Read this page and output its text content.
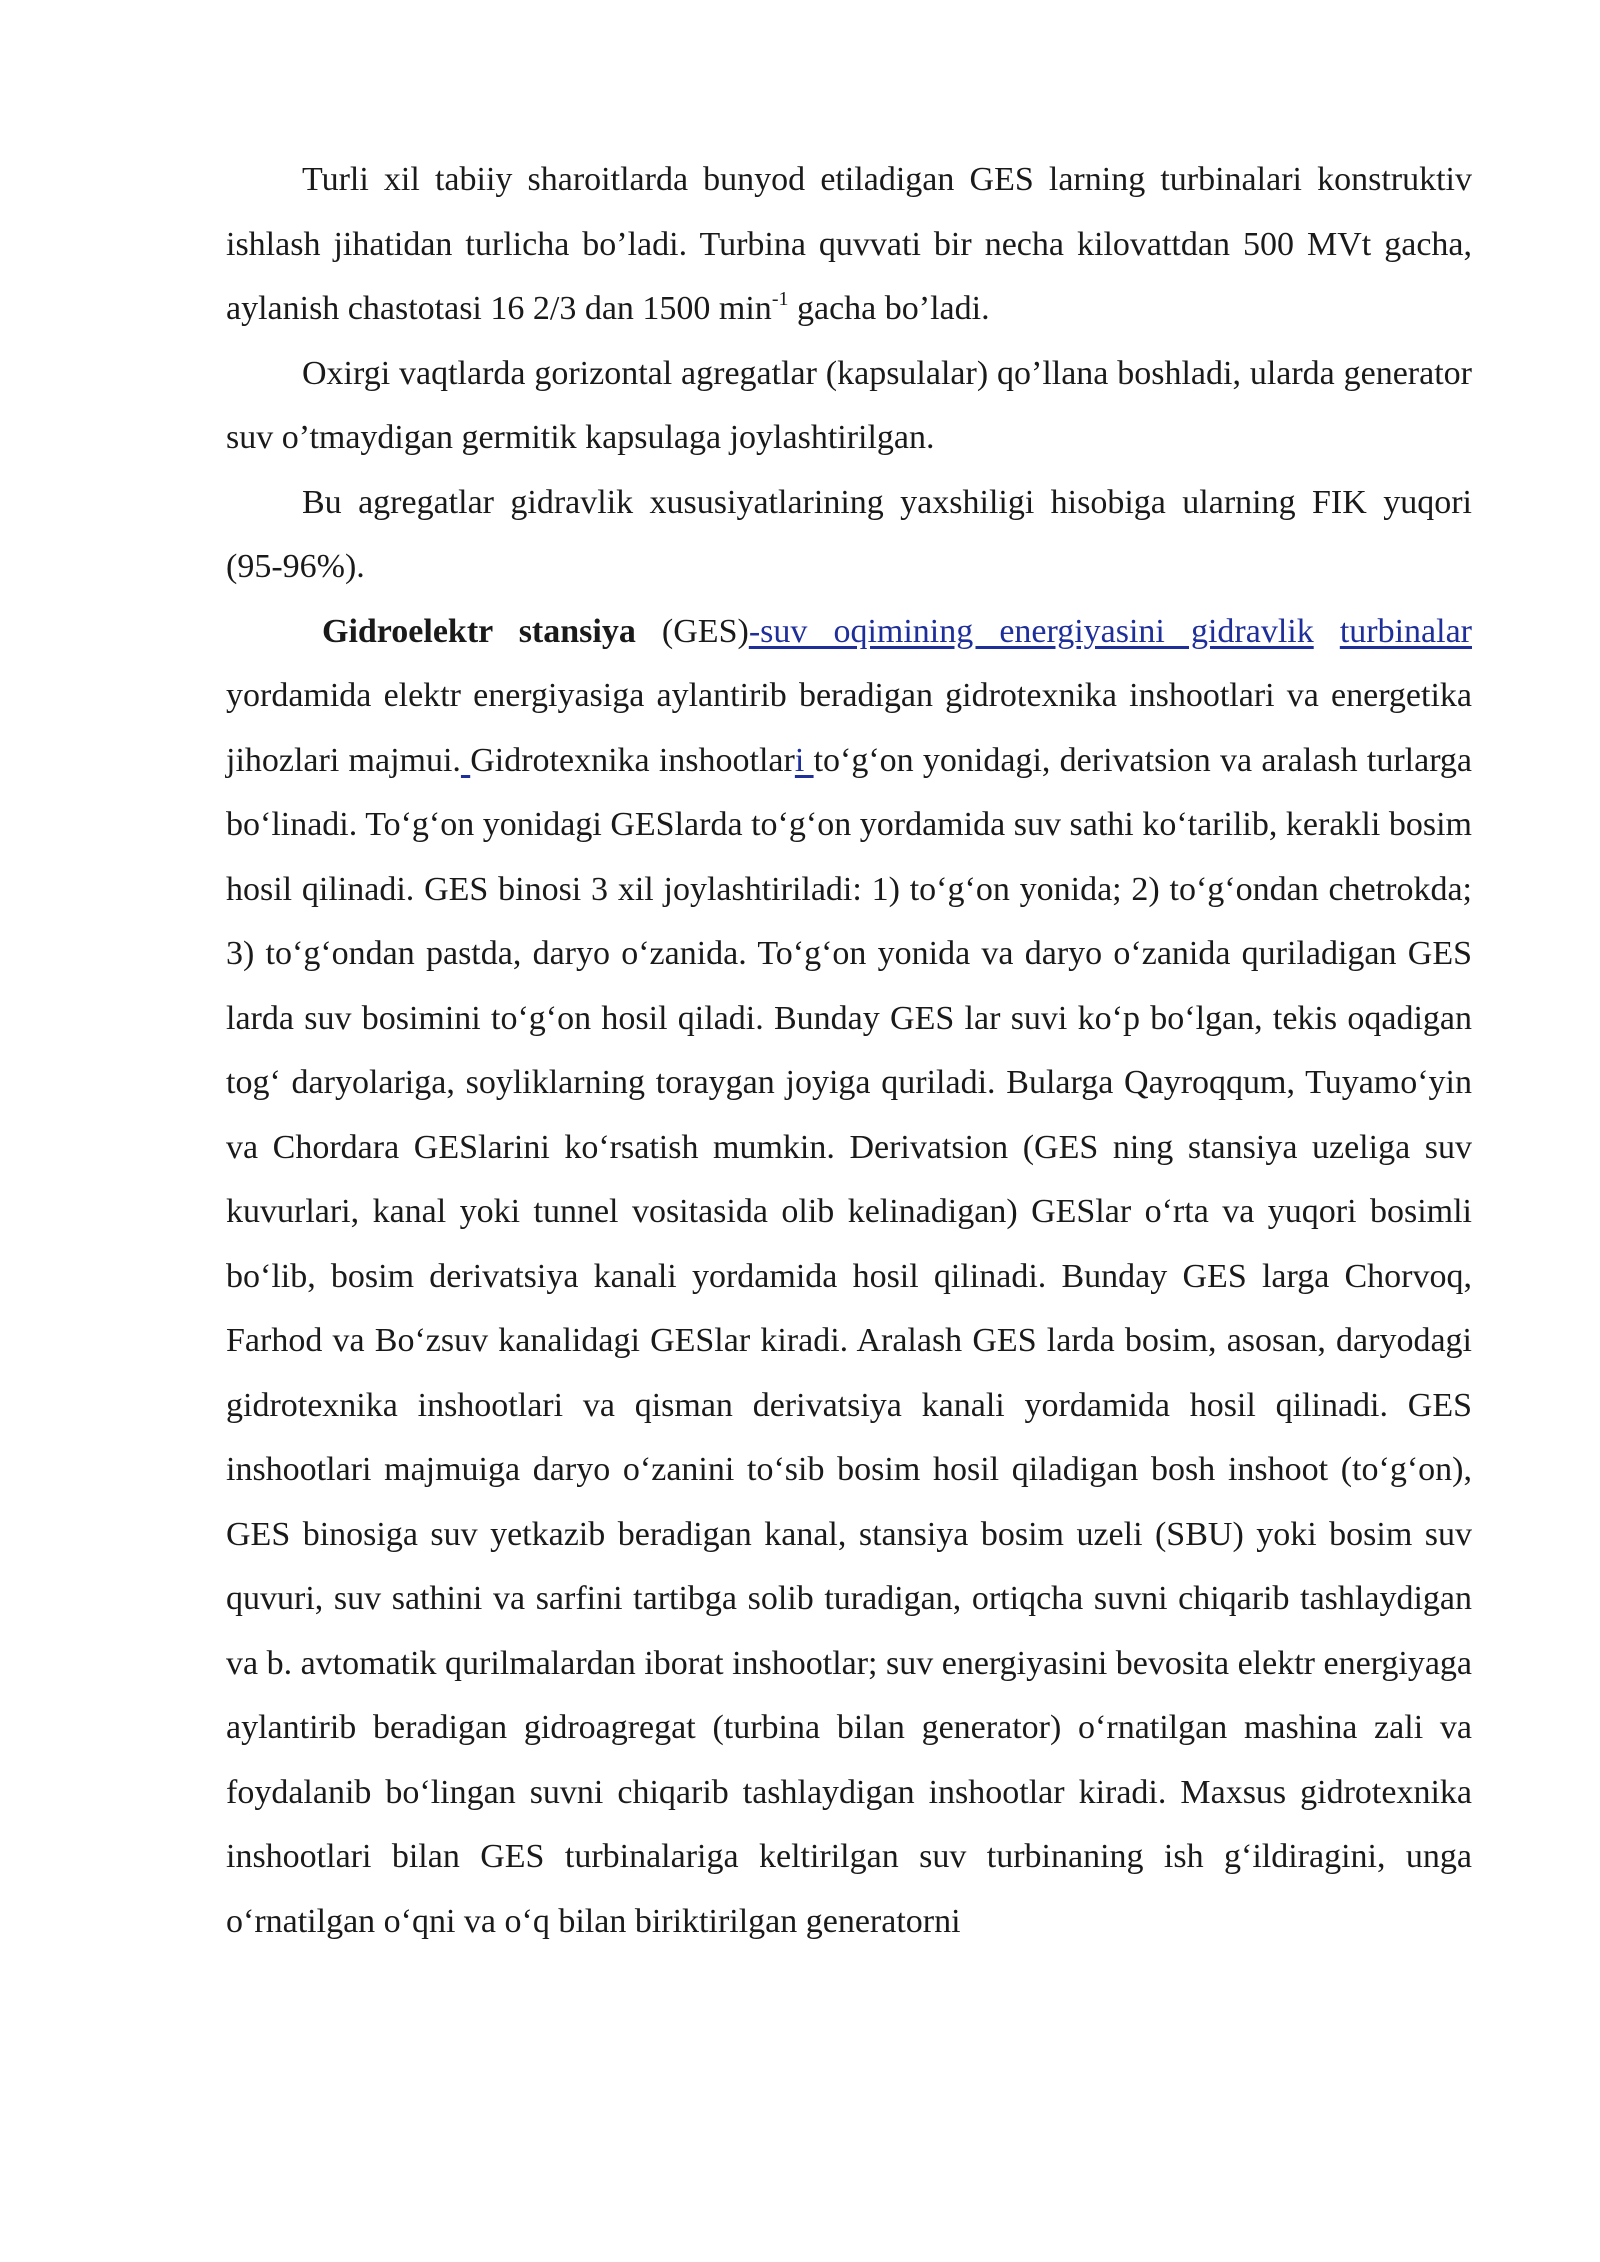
Turli xil tabiiy sharoitlarda bunyod etiladigan GES larning turbinalari konstruktiv ishlash jihatidan turlicha bo’ladi. Turbina quvvati bir necha kilovattdan 500 MVt gacha, aylanish chastotasi 16 2/3 dan 1500 $\min^{-1}$ gacha bo’ladi.

Oxirgi vaqtlarda gorizontal agregatlar (kapsulalar) qo’llana boshladi, ularda generator suv o’tmaydigan germitik kapsulaga joylashtirilgan.

Bu agregatlar gidravlik xususiyatlarining yaxshiligi hisobiga ularning FIK yuqori (95-96%).

Gidroelektr stansiya (GES)-suv oqimining energiyasini gidravlik turbinalar yordamida elektr energiyasiga aylantirib beradigan gidrotexnika inshootlari va energetika jihozlari majmui. Gidrotexnika inshootlari to‘g‘on yonidagi, derivatsion va aralash turlarga bo‘linadi. To‘g‘on yonidagi GESlarda to‘g‘on yordamida suv sathi ko‘tarilib, kerakli bosim hosil qilinadi. GES binosi 3 xil joylashtiriladi: 1) to‘g‘on yonida; 2) to‘g‘ondan chetrokda; 3) to‘g‘ondan pastda, daryo o‘zanida. To‘g‘on yonida va daryo o‘zanida quriladigan GES larda suv bosimini to‘g‘on hosil qiladi. Bunday GES lar suvi ko‘p bo‘lgan, tekis oqadigan tog‘ daryolariga, soyliklarning toraygan joyiga quriladi. Bularga Qayroqqum, Tuyamo‘yin va Chordara GESlarini ko‘rsatish mumkin. Derivatsion (GES ning stansiya uzeliga suv kuvurlari, kanal yoki tunnel vositasida olib kelinadigan) GESlar o‘rta va yuqori bosimli bo‘lib, bosim derivatsiya kanali yordamida hosil qilinadi. Bunday GES larga Chorvoq, Farhod va Bo‘zsuv kanalidagi GESlar kiradi. Aralash GES larda bosim, asosan, daryodagi gidrotexnika inshootlari va qisman derivatsiya kanali yordamida hosil qilinadi. GES inshootlari majmuiga daryo o‘zanini to‘sib bosim hosil qiladigan bosh inshoot (to‘g‘on), GES binosiga suv yetkazib beradigan kanal, stansiya bosim uzeli (SBU) yoki bosim suv quvuri, suv sathini va sarfini tartibga solib turadigan, ortiqcha suvni chiqarib tashlaydigan va b. avtomatik qurilmalardan iborat inshootlar; suv energiyasini bevosita elektr energiyaga aylantirib beradigan gidroagregat (turbina bilan generator) o‘rnatilgan mashina zali va foydalanib bo‘lingan suvni chiqarib tashlaydigan inshootlar kiradi. Maxsus gidrotexnika inshootlari bilan GES turbinalariga keltirilgan suv turbinaning ish g‘ildiragini, unga o‘rnatilgan o‘qni va o‘q bilan biriktirilgan generatorni
